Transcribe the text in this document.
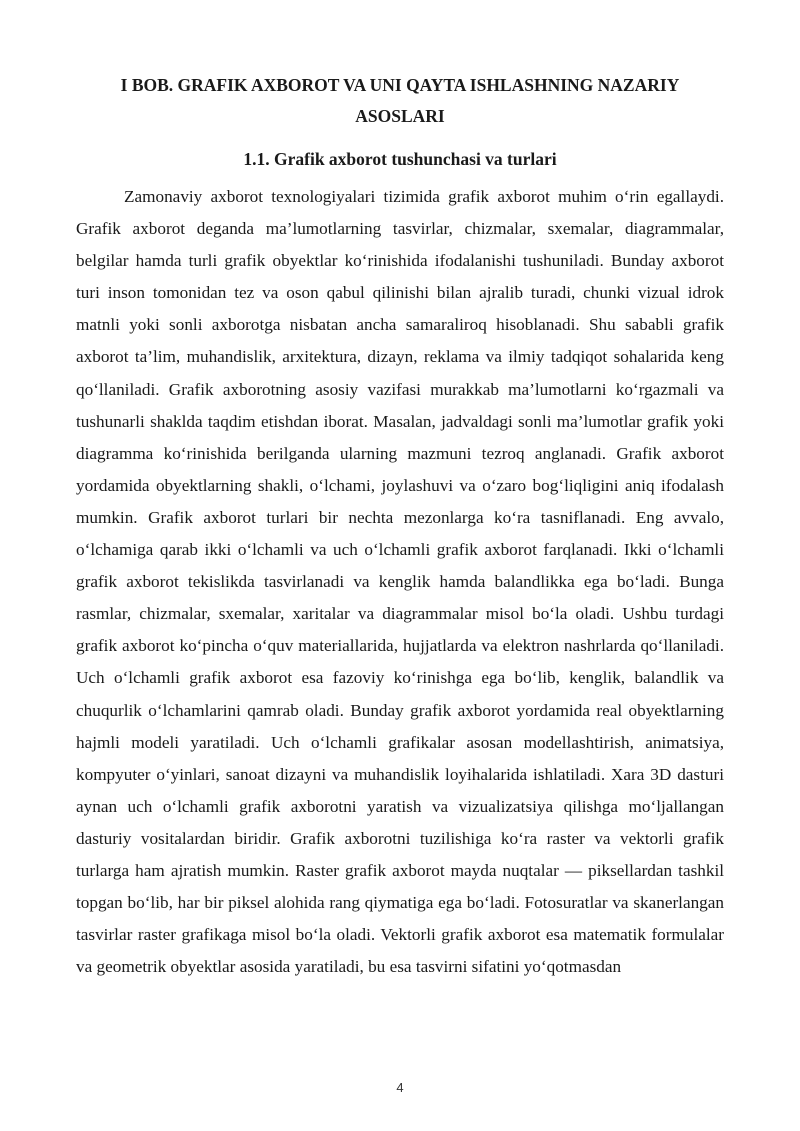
I BOB. GRAFIK AXBOROT VA UNI QAYTA ISHLASHNING NAZARIY ASOSLARI
1.1. Grafik axborot tushunchasi va turlari

Zamonaviy axborot texnologiyalari tizimida grafik axborot muhim o‘rin egallaydi. Grafik axborot deganda ma’lumotlarning tasvirlar, chizmalar, sxemalar, diagrammalar, belgilar hamda turli grafik obyektlar ko‘rinishida ifodalanishi tushuniladi. Bunday axborot turi inson tomonidan tez va oson qabul qilinishi bilan ajralib turadi, chunki vizual idrok matnli yoki sonli axborotga nisbatan ancha samaraliroq hisoblanadi. Shu sababli grafik axborot ta’lim, muhandislik, arxitektura, dizayn, reklama va ilmiy tadqiqot sohalarida keng qo‘llaniladi. Grafik axborotning asosiy vazifasi murakkab ma’lumotlarni ko‘rgazmali va tushunarli shaklda taqdim etishdan iborat. Masalan, jadvaldagi sonli ma’lumotlar grafik yoki diagramma ko‘rinishida berilganda ularning mazmuni tezroq anglanadi. Grafik axborot yordamida obyektlarning shakli, o‘lchami, joylashuvi va o‘zaro bog‘liqligini aniq ifodalash mumkin. Grafik axborot turlari bir nechta mezonlarga ko‘ra tasniflanadi. Eng avvalo, o‘lchamiga qarab ikki o‘lchamli va uch o‘lchamli grafik axborot farqlanadi. Ikki o‘lchamli grafik axborot tekislikda tasvirlanadi va kenglik hamda balandlikka ega bo‘ladi. Bunga rasmlar, chizmalar, sxemalar, xaritalar va diagrammalar misol bo‘la oladi. Ushbu turdagi grafik axborot ko‘pincha o‘quv materiallarida, hujjatlarda va elektron nashrlarda qo‘llaniladi. Uch o‘lchamli grafik axborot esa fazoviy ko‘rinishga ega bo‘lib, kenglik, balandlik va chuqurlik o‘lchamlarini qamrab oladi. Bunday grafik axborot yordamida real obyektlarning hajmli modeli yaratiladi. Uch o‘lchamli grafikalar asosan modellashtirish, animatsiya, kompyuter o‘yinlari, sanoat dizayni va muhandislik loyihalarida ishlatiladi. Xara 3D dasturi aynan uch o‘lchamli grafik axborotni yaratish va vizualizatsiya qilishga mo‘ljallangan dasturiy vositalardan biridir. Grafik axborotni tuzilishiga ko‘ra raster va vektorli grafik turlarga ham ajratish mumkin. Raster grafik axborot mayda nuqtalar — piksellardan tashkil topgan bo‘lib, har bir piksel alohida rang qiymatiga ega bo‘ladi. Fotosuratlar va skanerlangan tasvirlar raster grafikaga misol bo‘la oladi. Vektorli grafik axborot esa matematik formulalar va geometrik obyektlar asosida yaratiladi, bu esa tasvirni sifatini yo‘qotmasdan

4
